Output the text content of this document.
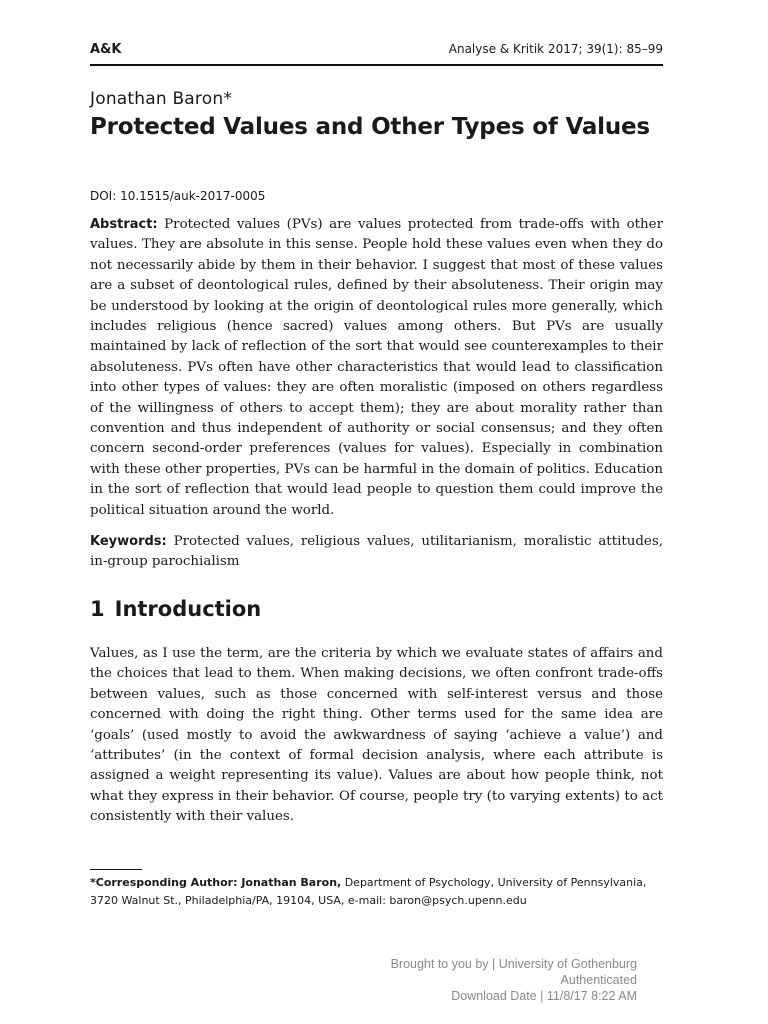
A&K	Analyse & Kritik 2017; 39(1): 85–99
Jonathan Baron*
Protected Values and Other Types of Values
DOI: 10.1515/auk-2017-0005
Abstract: Protected values (PVs) are values protected from trade-offs with other values. They are absolute in this sense. People hold these values even when they do not necessarily abide by them in their behavior. I suggest that most of these values are a subset of deontological rules, defined by their absoluteness. Their origin may be understood by looking at the origin of deontological rules more generally, which includes religious (hence sacred) values among others. But PVs are usually maintained by lack of reflection of the sort that would see counterexamples to their absoluteness. PVs often have other characteristics that would lead to classification into other types of values: they are often moralistic (imposed on others regardless of the willingness of others to accept them); they are about morality rather than convention and thus independent of authority or social consensus; and they often concern second-order preferences (values for values). Especially in combination with these other properties, PVs can be harmful in the domain of politics. Education in the sort of reflection that would lead people to question them could improve the political situation around the world.
Keywords: Protected values, religious values, utilitarianism, moralistic attitudes, in-group parochialism
1 Introduction
Values, as I use the term, are the criteria by which we evaluate states of affairs and the choices that lead to them. When making decisions, we often confront trade-offs between values, such as those concerned with self-interest versus and those concerned with doing the right thing. Other terms used for the same idea are ‘goals’ (used mostly to avoid the awkwardness of saying ‘achieve a value’) and ‘attributes’ (in the context of formal decision analysis, where each attribute is assigned a weight representing its value). Values are about how people think, not what they express in their behavior. Of course, people try (to varying extents) to act consistently with their values.
*Corresponding Author: Jonathan Baron, Department of Psychology, University of Pennsylvania, 3720 Walnut St., Philadelphia/PA, 19104, USA, e-mail: baron@psych.upenn.edu
Brought to you by | University of Gothenburg
Authenticated
Download Date | 11/8/17 8:22 AM
